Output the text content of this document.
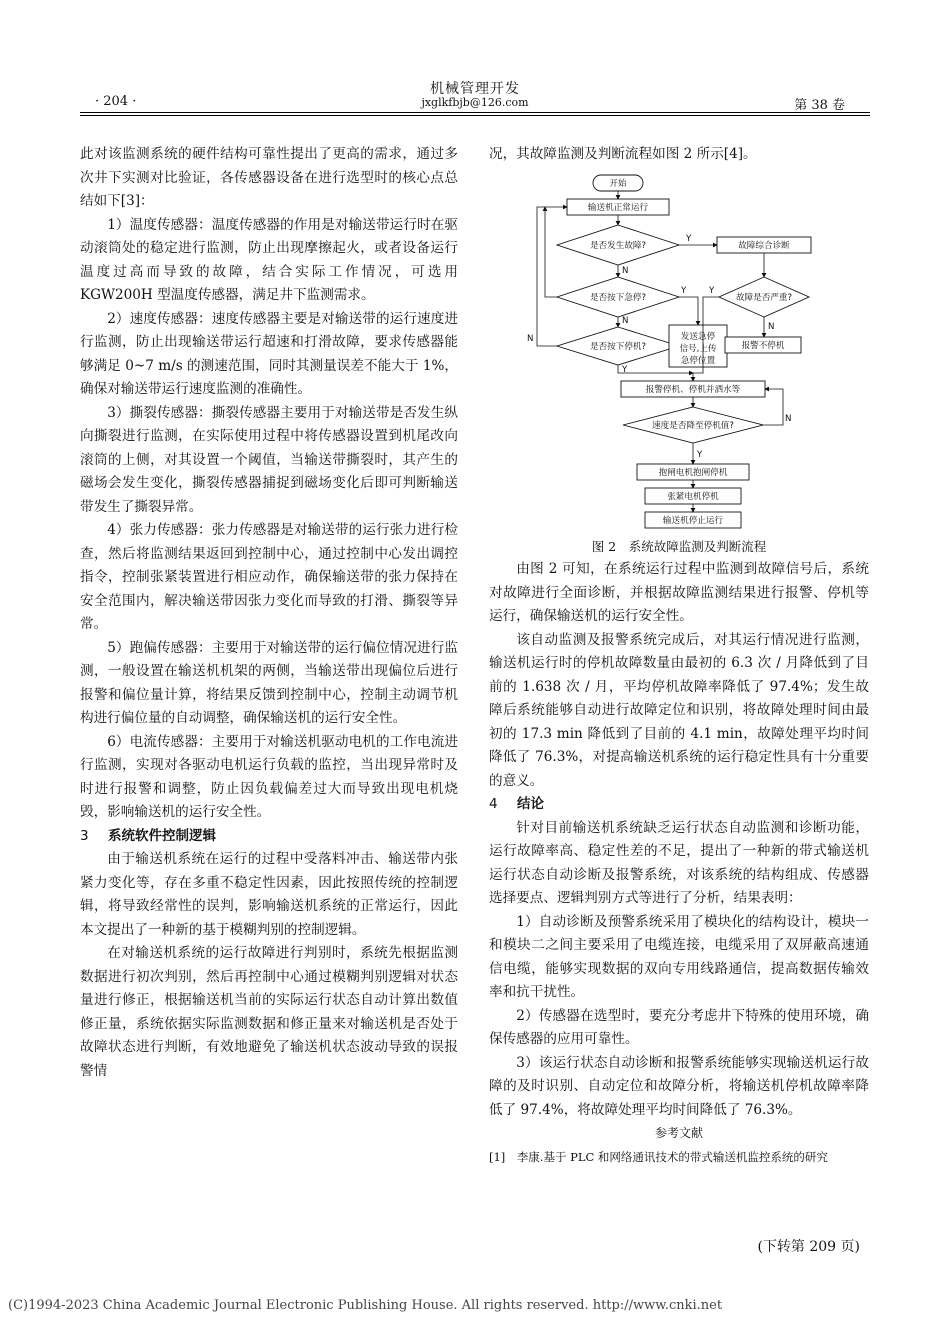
· 204 ·
机械管理开发
jxglkfbjb@126.com	第 38 卷

此对该监测系统的硬件结构可靠性提出了更高的需求，通过多次井下实测对比验证，各传感器设备在进行选型时的核心点总结如下[3]：

1）温度传感器：温度传感器的作用是对输送带运行时在驱动滚筒处的稳定进行监测，防止出现摩擦起火，或者设备运行温度过高而导致的故障，结合实际工作情况，可选用 KGW200H 型温度传感器，满足井下监测需求。

2）速度传感器：速度传感器主要是对输送带的运行速度进行监测，防止出现输送带运行超速和打滑故障，要求传感器能够满足 0~7 m/s 的测速范围，同时其测量误差不能大于 1%，确保对输送带运行速度监测的准确性。

3）撕裂传感器：撕裂传感器主要用于对输送带是否发生纵向撕裂进行监测，在实际使用过程中将传感器设置到机尾改向滚筒的上侧，对其设置一个阈值，当输送带撕裂时，其产生的磁场会发生变化，撕裂传感器捕捉到磁场变化后即可判断输送带发生了撕裂异常。

4）张力传感器：张力传感器是对输送带的运行张力进行检查，然后将监测结果返回到控制中心，通过控制中心发出调控指令，控制张紧装置进行相应动作，确保输送带的张力保持在安全范围内，解决输送带因张力变化而导致的打滑、撕裂等异常。

5）跑偏传感器：主要用于对输送带的运行偏位情况进行监测，一般设置在输送机机架的两侧，当输送带出现偏位后进行报警和偏位量计算，将结果反馈到控制中心，控制主动调节机构进行偏位量的自动调整，确保输送机的运行安全性。

6）电流传感器：主要用于对输送机驱动电机的工作电流进行监测，实现对各驱动电机运行负载的监控，当出现异常时及时进行报警和调整，防止因负载偏差过大而导致出现电机烧毁，影响输送机的运行安全性。

3 系统软件控制逻辑

由于输送机系统在运行的过程中受落料冲击、输送带内张紧力变化等，存在多重不稳定性因素，因此按照传统的控制逻辑，将导致经常性的误判，影响输送机系统的正常运行，因此本文提出了一种新的基于模糊判别的控制逻辑。

在对输送机系统的运行故障进行判别时，系统先根据监测数据进行初次判别，然后再控制中心通过模糊判别逻辑对状态量进行修正，根据输送机当前的实际运行状态自动计算出数值修正量，系统依据实际监测数据和修正量来对输送机是否处于故障状态进行判断，有效地避免了输送机状态波动导致的误报警情

况，其故障监测及判断流程如图 2 所示[4]。

开始
输送机正常运行
是否发生故障?	故障综合诊断
是否按下急停?	故障是否严重?
是否按下停机?
发送急停
信号,上传
急停位置
报警不停机
报警停机、停机并洒水等
速度是否降至停机值?
抱闸电机抱闸停机
张紧电机停机
输送机停止运行
Y
N
Y	Y
N
N
N
Y
N
Y

图 2　系统故障监测及判断流程

由图 2 可知，在系统运行过程中监测到故障信号后，系统对故障进行全面诊断，并根据故障监测结果进行报警、停机等运行，确保输送机的运行安全性。

该自动监测及报警系统完成后，对其运行情况进行监测，输送机运行时的停机故障数量由最初的 6.3 次 / 月降低到了目前的 1.638 次 / 月，平均停机故障率降低了 97.4%；发生故障后系统能够自动进行故障定位和识别，将故障处理时间由最初的 17.3 min 降低到了目前的 4.1 min，故障处理平均时间降低了 76.3%，对提高输送机系统的运行稳定性具有十分重要的意义。

4 结论

针对目前输送机系统缺乏运行状态自动监测和诊断功能，运行故障率高、稳定性差的不足，提出了一种新的带式输送机运行状态自动诊断及报警系统，对该系统的结构组成、传感器选择要点、逻辑判别方式等进行了分析，结果表明：

1）自动诊断及预警系统采用了模块化的结构设计，模块一和模块二之间主要采用了电缆连接，电缆采用了双屏蔽高速通信电缆，能够实现数据的双向专用线路通信，提高数据传输效率和抗干扰性。

2）传感器在选型时，要充分考虑井下特殊的使用环境，确保传感器的应用可靠性。

3）该运行状态自动诊断和报警系统能够实现输送机运行故障的及时识别、自动定位和故障分析，将输送机停机故障率降低了 97.4%，将故障处理平均时间降低了 76.3%。

参考文献
[1]　李康.基于 PLC 和网络通讯技术的带式输送机监控系统的研究
(下转第 209 页)
(C)1994-2023 China Academic Journal Electronic Publishing House. All rights reserved. http://www.cnki.net
